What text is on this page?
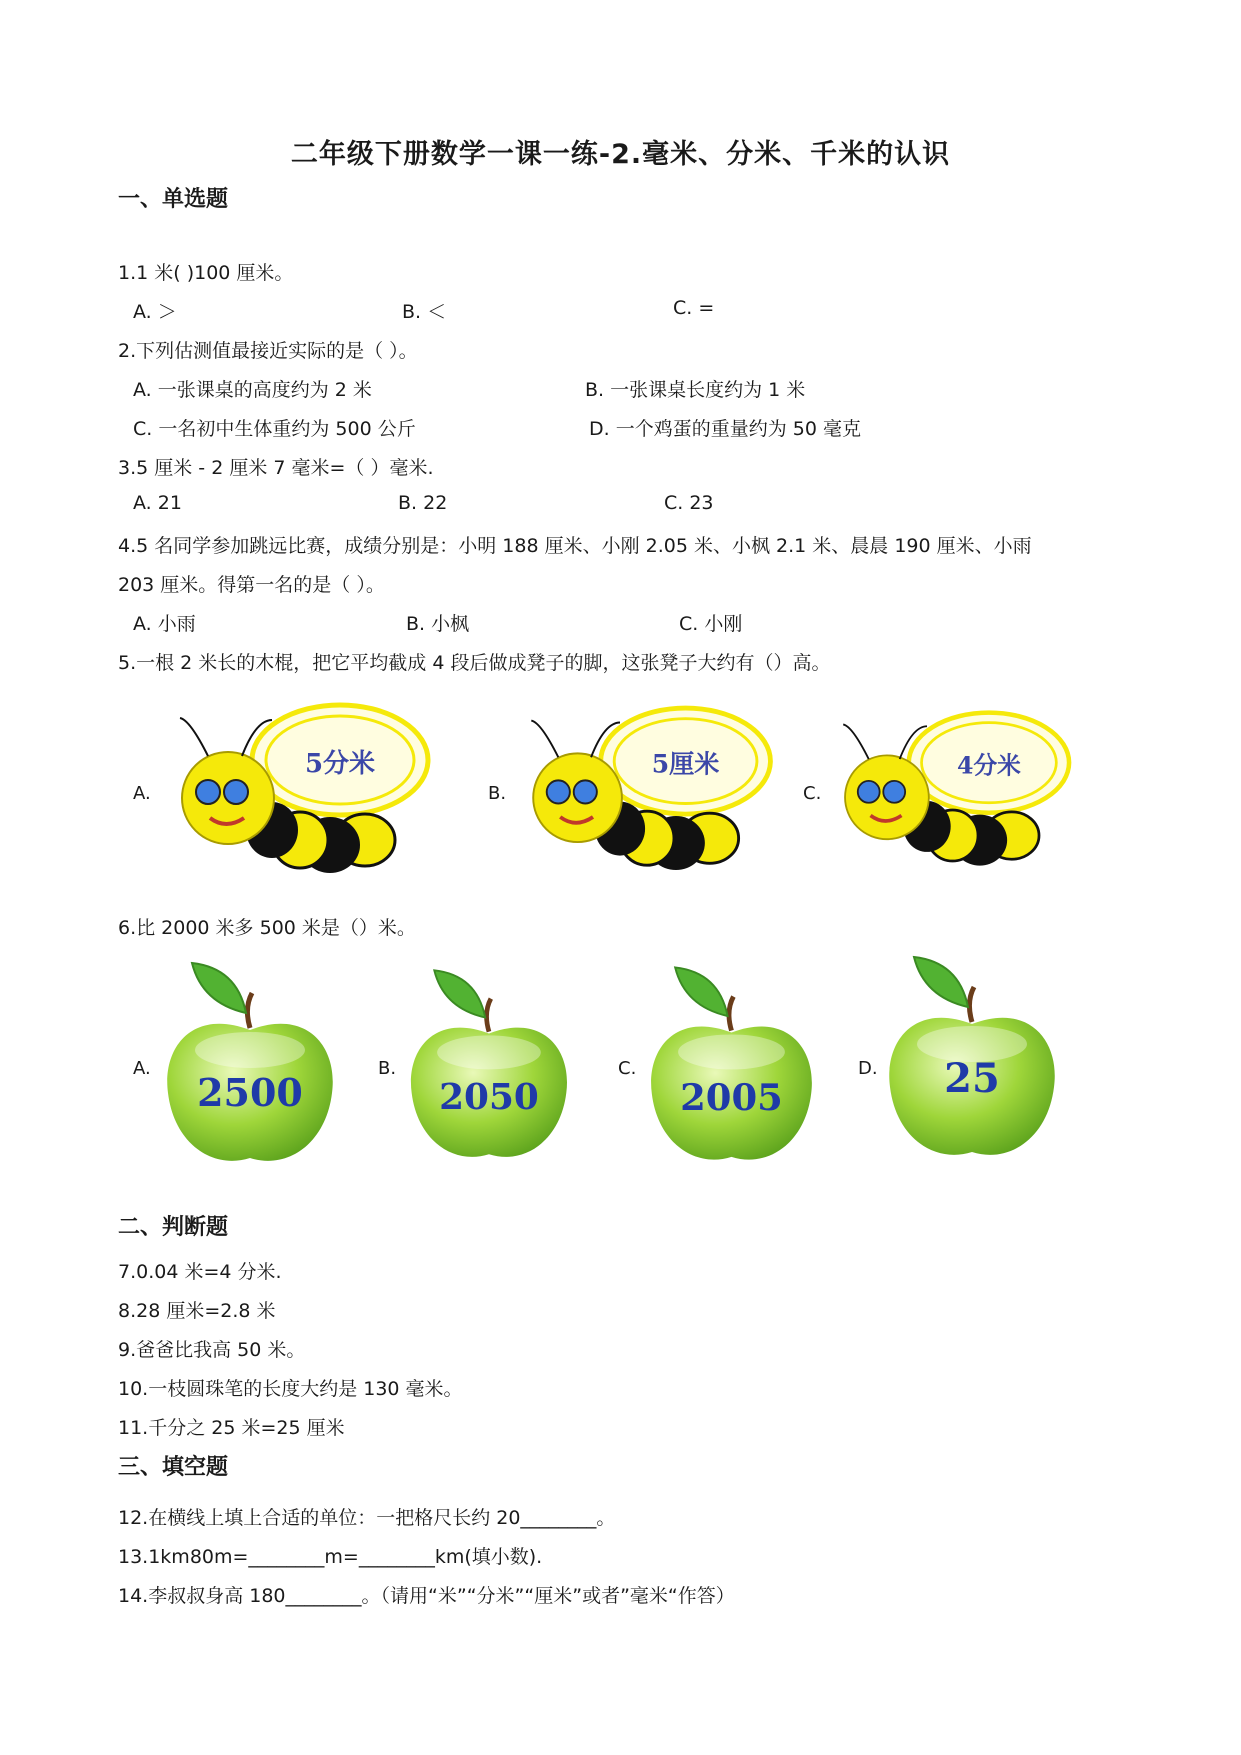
二年级下册数学一课一练-2.毫米、分米、千米的认识
一、单选题
1.1 米( )100 厘米。
A. ＞	B. ＜	C. =
2.下列估测值最接近实际的是（ ）。
A. 一张课桌的高度约为 2 米	B. 一张课桌长度约为 1 米
C. 一名初中生体重约为 500 公斤	D. 一个鸡蛋的重量约为 50 毫克
3.5 厘米 - 2 厘米 7 毫米=（ ）毫米.
A. 21	B. 22	C. 23
4.5 名同学参加跳远比赛，成绩分别是：小明 188 厘米、小刚 2.05 米、小枫 2.1 米、晨晨 190 厘米、小雨
203 厘米。得第一名的是（ ）。
A. 小雨	B. 小枫	C. 小刚
5.一根 2 米长的木棍，把它平均截成 4 段后做成凳子的脚，这张凳子大约有（）高。
A.
5分米
B.
5厘米
C.
4分米
6.比 2000 米多 500 米是（）米。
A.
2500
B.
2050
C.
2005
D. 25
二、判断题
7.0.04 米=4 分米.
8.28 厘米=2.8 米
9.爸爸比我高 50 米。
10.一枝圆珠笔的长度大约是 130 毫米。
11.千分之 25 米=25 厘米
三、填空题
12.在横线上填上合适的单位：一把格尺长约 20________。
13.1km80m=________m=________km(填小数).
14.李叔叔身高 180________。（请用“米”“分米”“厘米”或者”毫米“作答）
